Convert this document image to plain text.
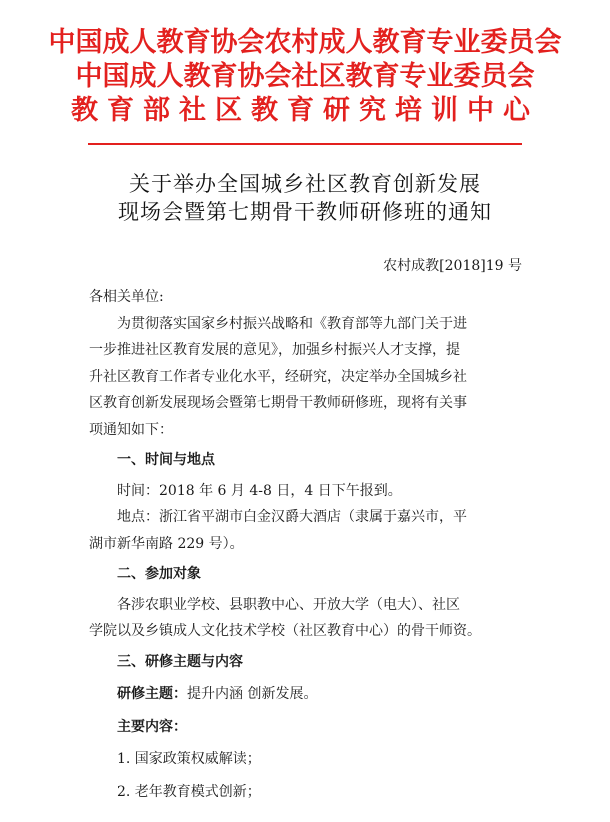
中国成人教育协会农村成人教育专业委员会
中国成人教育协会社区教育专业委员会
教育部社区教育研究培训中心
关于举办全国城乡社区教育创新发展
现场会暨第七期骨干教师研修班的通知
农村成教[2018]19 号

各相关单位:

为贯彻落实国家乡村振兴战略和《教育部等九部门关于进

一步推进社区教育发展的意见》，加强乡村振兴人才支撑，提

升社区教育工作者专业化水平，经研究，决定举办全国城乡社

区教育创新发展现场会暨第七期骨干教师研修班，现将有关事

项通知如下：

一、时间与地点

时间：2018 年 6 月 4-8 日，4 日下午报到。

地点：浙江省平湖市白金汉爵大酒店（隶属于嘉兴市，平

湖市新华南路 229 号）。

二、参加对象

各涉农职业学校、县职教中心、开放大学（电大）、社区

学院以及乡镇成人文化技术学校（社区教育中心）的骨干师资。

三、研修主题与内容

研修主题：提升内涵 创新发展。

主要内容：

1. 国家政策权威解读；

2. 老年教育模式创新；
